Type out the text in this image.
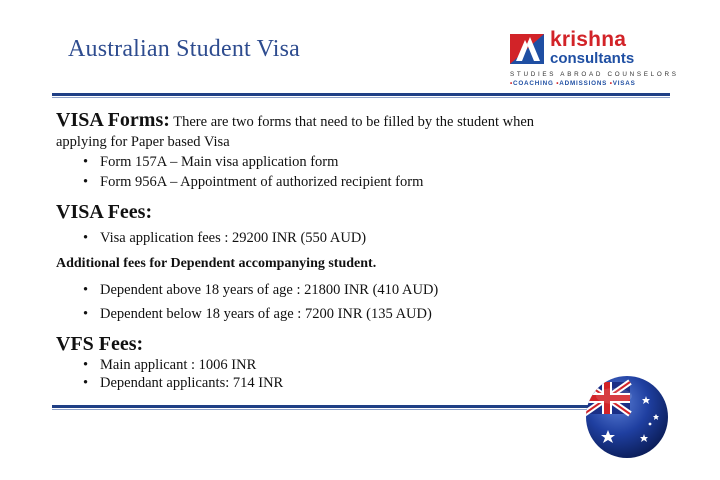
Australian Student Visa	krishna
consultants
STUDIES ABROAD COUNSELORS
•COACHING •ADMISSIONS •VISAS

VISA Forms: There are two forms that need to be filled by the student when
applying for Paper based Visa

• Form 157A – Main visa application form
• Form 956A – Appointment of authorized recipient form

VISA Fees:

• Visa application fees : 29200 INR (550 AUD)

Additional fees for Dependent accompanying student.

• Dependent above 18 years of age : 21800 INR (410 AUD)
• Dependent below 18 years of age : 7200 INR (135 AUD)

VFS Fees:

• Main applicant : 1006 INR
• Dependant applicants: 714 INR
